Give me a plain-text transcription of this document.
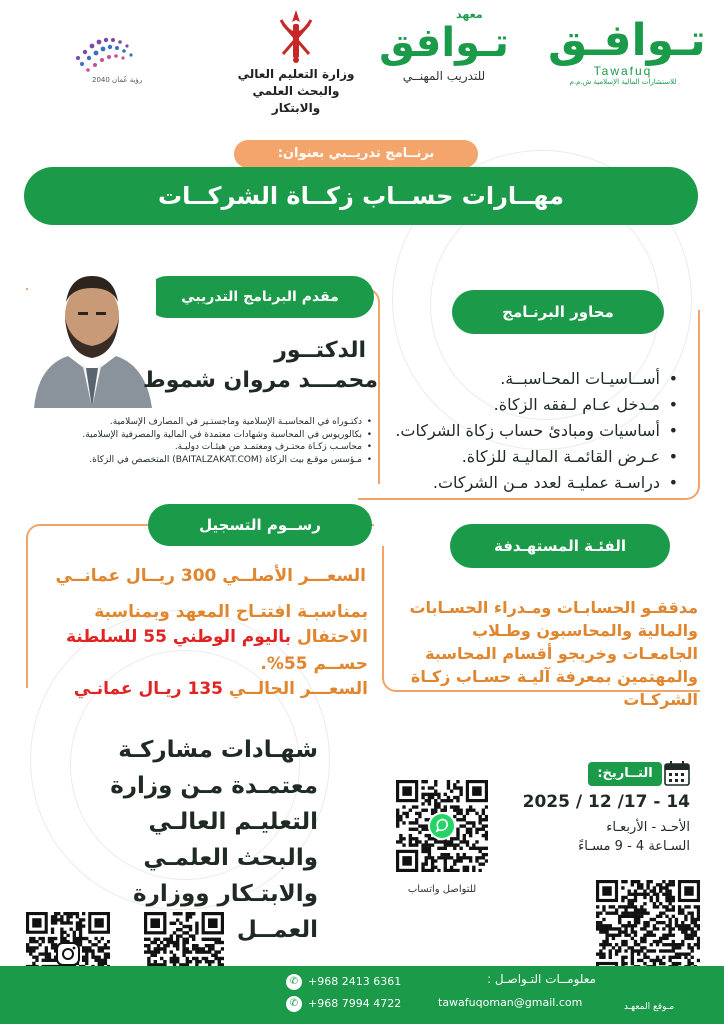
تـوافـق
Tawafuq
للاستشارات المالية الإسلامية ش.م.م
معهد
تـوافق
للتدريب المهنــي
وزارة التعليم العالي
والبحث العلمي والابتكار
رؤية عُمان 2040
برنــامج تدريــبي بعنوان:
مهــارات حســاب زكــاة الشركــات
محاور البرنـامج
• أســاسيـات المحـاسبــة.
• مـدخل عـام لـفقه الزكاة.
• أساسيات ومبادئ حساب زكاة الشركات.
• عـرض القائمـة الماليـة للزكاة.
• دراسـة عمليـة لعدد مـن الشركات.
مقدم البرنامج التدريبي
الدكتــور
محمـــد مروان شموط
• دكتـوراه في المحاسبـة الإسلامية وماجستـير في المصارف الإسلامية.
• بكالوريوس في المحاسبة وشهادات معتمدة في المالية والمصرفية الإسلامية.
• محاسـب زكـاة محتـرف ومعتمـد من هيئـات دوليـة.
• مـؤسس موقـع بيت الزكاة (BAITALZAKAT.COM) المتخصص في الزكاة.
الفئـة المستهـدفة
مدققـو الحسابـات ومـدراء الحسـابات والمالية والمحاسبون وطـلاب الجامعـات وخريجو أقسام المحاسبة والمهتمين بمعرفة آليـة حسـاب زكـاة الشركـات
رســوم التسجيل
السعـــر الأصلــي 300 ريــال عمانــي
بمناسبـة افتتـاح المعهد وبمناسبة الاحتفال باليوم الوطني 55 للسلطنة
حســم 55%.
السعـــر الحالــي 135 ريـال عمانـي
شهـادات مشاركـة معتمـدة مـن وزارة التعليـم العالـي والبحث العلمـي والابتـكار ووزارة العمــل
التــاريخ:
2025 / 12 /17 - 14
الأحـد - الأربعـاء
السـاعة 4 - 9 مسـاءً
للتواصل واتساب
معلومــات التـواصـل :
tawafuqoman@gmail.com	مـوقع المعهـد
✆ +968 2413 6361
✆ +968 7994 4722
